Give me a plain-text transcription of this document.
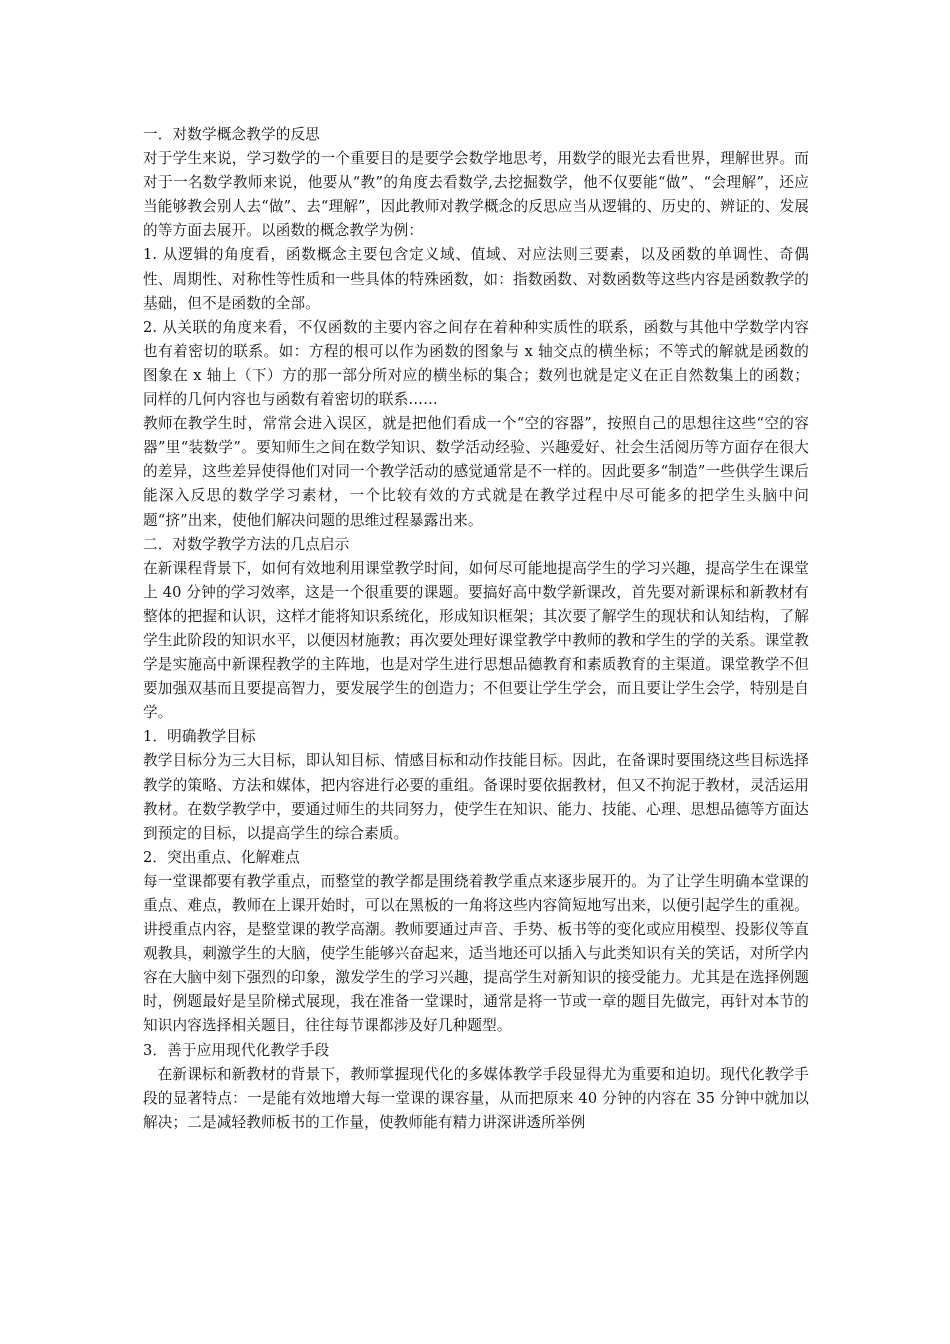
一．对数学概念教学的反思

对于学生来说，学习数学的一个重要目的是要学会数学地思考，用数学的眼光去看世界，理解世界。而对于一名数学教师来说，他要从“教”的角度去看数学,去挖掘数学，他不仅要能“做”、“会理解”，还应当能够教会别人去“做”、去“理解”，因此教师对教学概念的反思应当从逻辑的、历史的、辨证的、发展的等方面去展开。以函数的概念教学为例：

1. 从逻辑的角度看，函数概念主要包含定义域、值域、对应法则三要素，以及函数的单调性、奇偶性、周期性、对称性等性质和一些具体的特殊函数，如：指数函数、对数函数等这些内容是函数教学的基础，但不是函数的全部。

2. 从关联的角度来看，不仅函数的主要内容之间存在着种种实质性的联系，函数与其他中学数学内容也有着密切的联系。如：方程的根可以作为函数的图象与 x 轴交点的横坐标；不等式的解就是函数的图象在 x 轴上（下）方的那一部分所对应的横坐标的集合；数列也就是定义在正自然数集上的函数；同样的几何内容也与函数有着密切的联系……

教师在教学生时，常常会进入误区，就是把他们看成一个“空的容器”，按照自己的思想往这些“空的容器”里“装数学”。要知师生之间在数学知识、数学活动经验、兴趣爱好、社会生活阅历等方面存在很大的差异，这些差异使得他们对同一个教学活动的感觉通常是不一样的。因此要多“制造”一些供学生课后能深入反思的数学学习素材，一个比较有效的方式就是在教学过程中尽可能多的把学生头脑中问题“挤”出来，使他们解决问题的思维过程暴露出来。

二．对数学教学方法的几点启示

在新课程背景下，如何有效地利用课堂教学时间，如何尽可能地提高学生的学习兴趣，提高学生在课堂上 40 分钟的学习效率，这是一个很重要的课题。要搞好高中数学新课改，首先要对新课标和新教材有整体的把握和认识，这样才能将知识系统化，形成知识框架；其次要了解学生的现状和认知结构，了解学生此阶段的知识水平，以便因材施教；再次要处理好课堂教学中教师的教和学生的学的关系。课堂教学是实施高中新课程教学的主阵地，也是对学生进行思想品德教育和素质教育的主渠道。课堂教学不但要加强双基而且要提高智力，要发展学生的创造力；不但要让学生学会，而且要让学生会学，特别是自学。

1．明确教学目标

教学目标分为三大目标，即认知目标、情感目标和动作技能目标。因此，在备课时要围绕这些目标选择教学的策略、方法和媒体，把内容进行必要的重组。备课时要依据教材，但又不拘泥于教材，灵活运用教材。在数学教学中，要通过师生的共同努力，使学生在知识、能力、技能、心理、思想品德等方面达到预定的目标，以提高学生的综合素质。

2．突出重点、化解难点

每一堂课都要有教学重点，而整堂的教学都是围绕着教学重点来逐步展开的。为了让学生明确本堂课的重点、难点，教师在上课开始时，可以在黑板的一角将这些内容简短地写出来，以便引起学生的重视。讲授重点内容，是整堂课的教学高潮。教师要通过声音、手势、板书等的变化或应用模型、投影仪等直观教具，刺激学生的大脑，使学生能够兴奋起来，适当地还可以插入与此类知识有关的笑话，对所学内容在大脑中刻下强烈的印象，激发学生的学习兴趣，提高学生对新知识的接受能力。尤其是在选择例题时，例题最好是呈阶梯式展现，我在准备一堂课时，通常是将一节或一章的题目先做完，再针对本节的知识内容选择相关题目，往往每节课都涉及好几种题型。

3．善于应用现代化教学手段

在新课标和新教材的背景下，教师掌握现代化的多媒体教学手段显得尤为重要和迫切。现代化教学手段的显著特点：一是能有效地增大每一堂课的课容量，从而把原来 40 分钟的内容在 35 分钟中就加以解决；二是减轻教师板书的工作量，使教师能有精力讲深讲透所举例
